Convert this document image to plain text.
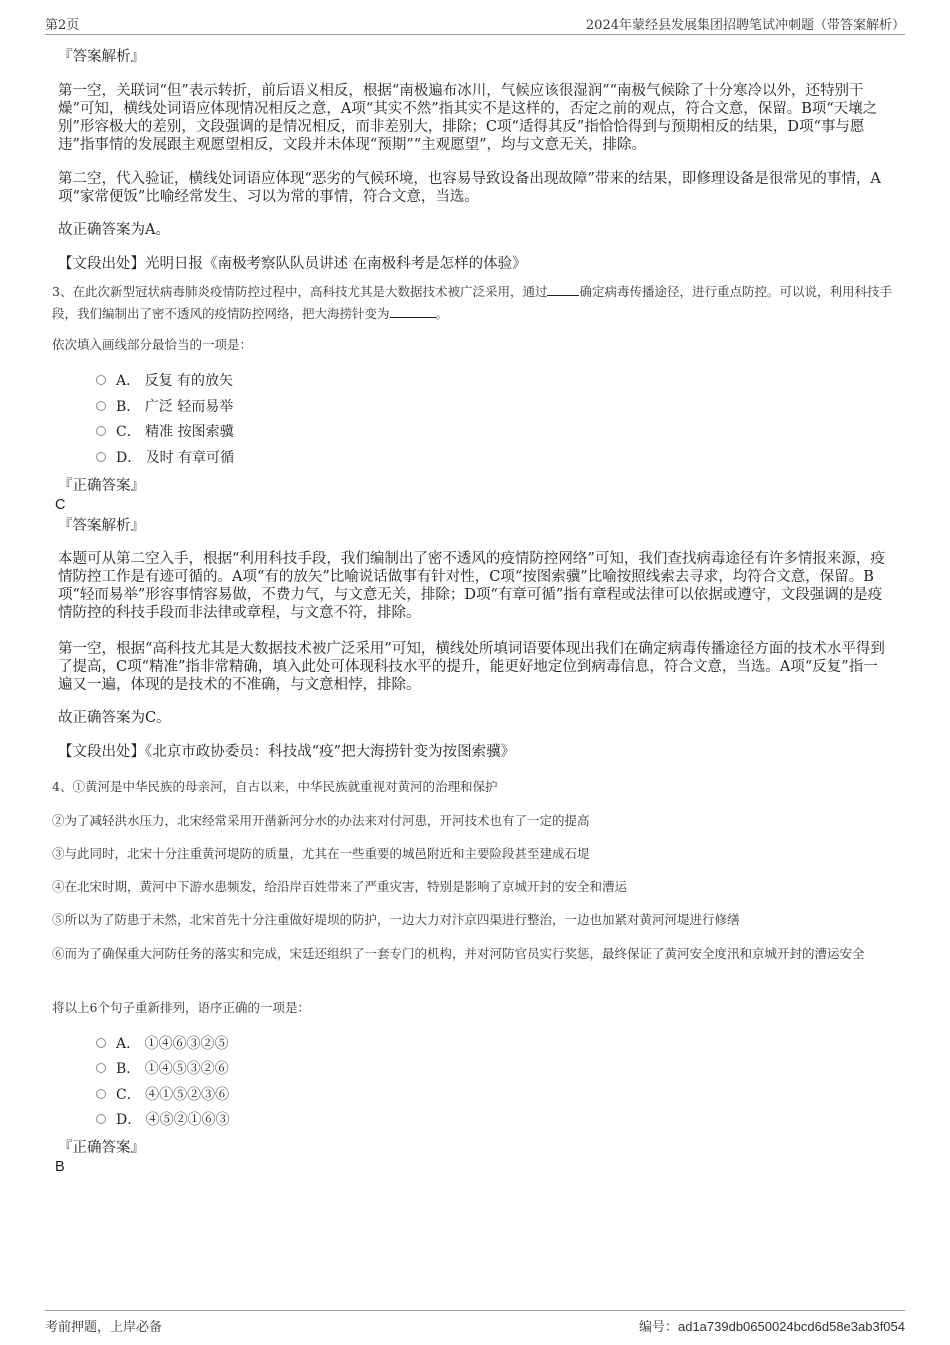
第2页	2024年蒙经县发展集团招聘笔试冲刺题（带答案解析）
『答案解析』
第一空，关联词“但”表示转折，前后语义相反，根据“南极遍布冰川，气候应该很湿润”“南极气候除了十分寒冷以外，还特别干燥”可知，横线处词语应体现情况相反之意，A项“其实不然”指其实不是这样的，否定之前的观点，符合文意，保留。B项“天壤之别”形容极大的差别，文段强调的是情况相反，而非差别大，排除；C项“适得其反”指恰恰得到与预期相反的结果，D项“事与愿违”指事情的发展跟主观愿望相反，文段并未体现“预期”“主观愿望”，均与文意无关，排除。
第二空，代入验证，横线处词语应体现“恶劣的气候环境，也容易导致设备出现故障”带来的结果，即修理设备是很常见的事情，A项“家常便饭”比喻经常发生、习以为常的事情，符合文意，当选。
故正确答案为A。
【文段出处】光明日报《南极考察队队员讲述 在南极科考是怎样的体验》
3、在此次新型冠状病毒肺炎疫情防控过程中，高科技尤其是大数据技术被广泛采用，通过	确定病毒传播途径，进行重点防控。可以说，利用科技手段，我们编制出了密不透风的疫情防控网络，把大海捞针变为	。
依次填入画线部分最恰当的一项是：
A． 反复 有的放矢
B． 广泛 轻而易举
C． 精准 按图索骥
D． 及时 有章可循
『正确答案』
C
『答案解析』
本题可从第二空入手，根据“利用科技手段，我们编制出了密不透风的疫情防控网络”可知，我们查找病毒途径有许多情报来源，疫情防控工作是有迹可循的。A项“有的放矢”比喻说话做事有针对性，C项“按图索骥”比喻按照线索去寻求，均符合文意，保留。B项“轻而易举”形容事情容易做，不费力气，与文意无关，排除；D项“有章可循”指有章程或法律可以依据或遵守，文段强调的是疫情防控的科技手段而非法律或章程，与文意不符，排除。
第一空，根据“高科技尤其是大数据技术被广泛采用”可知，横线处所填词语要体现出我们在确定病毒传播途径方面的技术水平得到了提高，C项“精准”指非常精确，填入此处可体现科技水平的提升，能更好地定位到病毒信息，符合文意，当选。A项“反复”指一遍又一遍，体现的是技术的不准确，与文意相悖，排除。
故正确答案为C。
【文段出处】《北京市政协委员：科技战“疫”把大海捞针变为按图索骥》
4、①黄河是中华民族的母亲河，自古以来，中华民族就重视对黄河的治理和保护
②为了减轻洪水压力，北宋经常采用开凿新河分水的办法来对付河患，开河技术也有了一定的提高
③与此同时，北宋十分注重黄河堤防的质量，尤其在一些重要的城邑附近和主要险段甚至建成石堤
④在北宋时期，黄河中下游水患频发，给沿岸百姓带来了严重灾害，特别是影响了京城开封的安全和漕运
⑤所以为了防患于未然，北宋首先十分注重做好堤坝的防护，一边大力对汴京四渠进行整治，一边也加紧对黄河河堤进行修缮
⑥而为了确保重大河防任务的落实和完成，宋廷还组织了一套专门的机构，并对河防官员实行奖惩，最终保证了黄河安全度汛和京城开封的漕运安全
将以上6个句子重新排列，语序正确的一项是：
A． ①④⑥③②⑤
B． ①④⑤③②⑥
C． ④①⑤②③⑥
D． ④⑤②①⑥③
『正确答案』
B
考前押题，上岸必备	编号：ad1a739db0650024bcd6d58e3ab3f054
